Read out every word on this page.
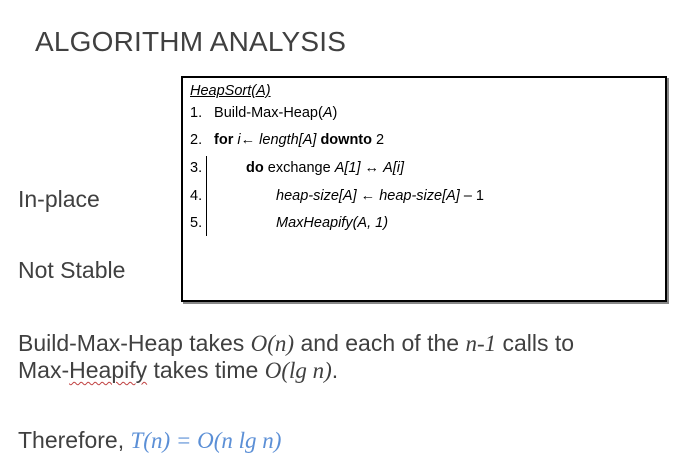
ALGORITHM ANALYSIS
In-place
Not Stable
HeapSort(A)
1. Build-Max-Heap(A)
2. for i← length[A] downto 2
3.	do exchange A[1] ↔ A[i]
4.	heap-size[A] ← heap-size[A] – 1
5.	MaxHeapify(A, 1)
Build-Max-Heap takes O(n) and each of the n-1 calls to
Max-Heapify takes time O(lg n).
Therefore, T(n) = O(n lg n)
